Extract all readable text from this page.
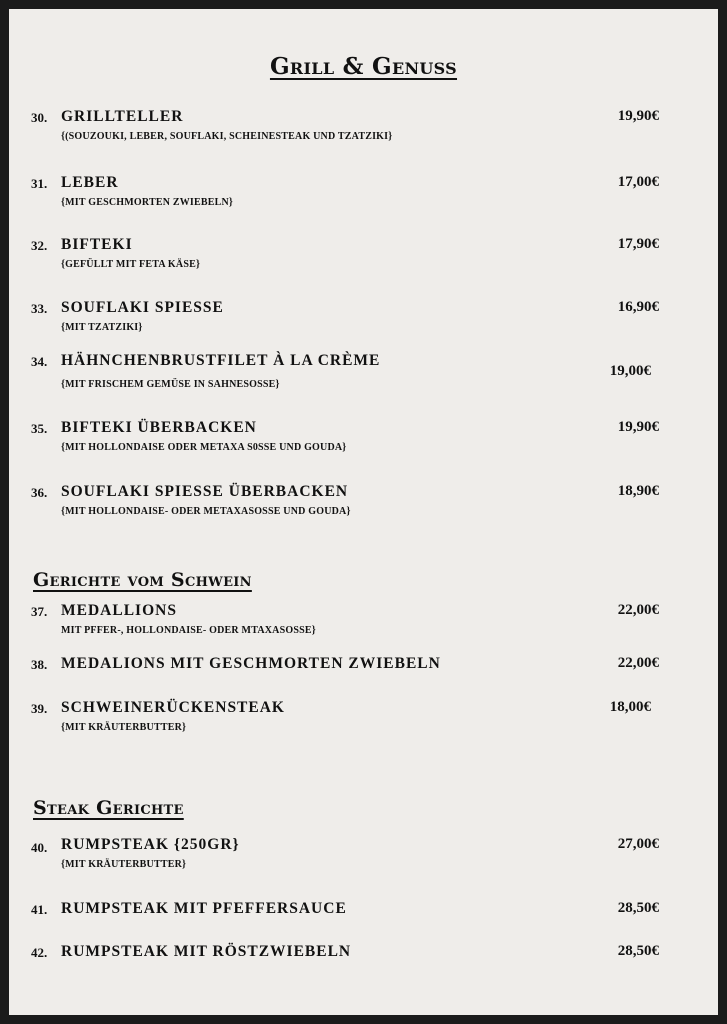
Grill & Genuss
30. GRILLTELLER
{(SOUZOUKI, LEBER, SOUFLAKI, SCHEINESTEAK UND TZATZIKI}
19,90€
31. LEBER
{MIT GESCHMORTEN ZWIEBELN}
17,00€
32. BIFTEKI
{GEFÜLLT MIT FETA KÄSE}
17,90€
33. SOUFLAKI SPIESSE
{MIT TZATZIKI}
16,90€
34. HÄHNCHENBRUSTFILET À LA CRÈME
{MIT FRISCHEM GEMÜSE IN SAHNESOSSE}
19,00€
35. BIFTEKI ÜBERBACKEN
{MIT HOLLONDAISE ODER METAXA S0SSE UND GOUDA}
19,90€
36. SOUFLAKI SPIESSE ÜBERBACKEN
{MIT HOLLONDAISE- ODER METAXASOSSE UND GOUDA}
18,90€
Gerichte vom Schwein
37. MEDALLIONS
MIT PFFER-, HOLLONDAISE- ODER MTAXASOSSE}
22,00€
38. MEDALIONS MIT GESCHMORTEN ZWIEBELN	22,00€
39. SCHWEINERÜCKENSTEAK
{MIT KRÄUTERBUTTER}
18,00€
Steak Gerichte
40. RUMPSTEAK {250GR}
{MIT KRÄUTERBUTTER}
27,00€
41. RUMPSTEAK MIT PFEFFERSAUCE	28,50€
42. RUMPSTEAK MIT RÖSTZWIEBELN	28,50€
